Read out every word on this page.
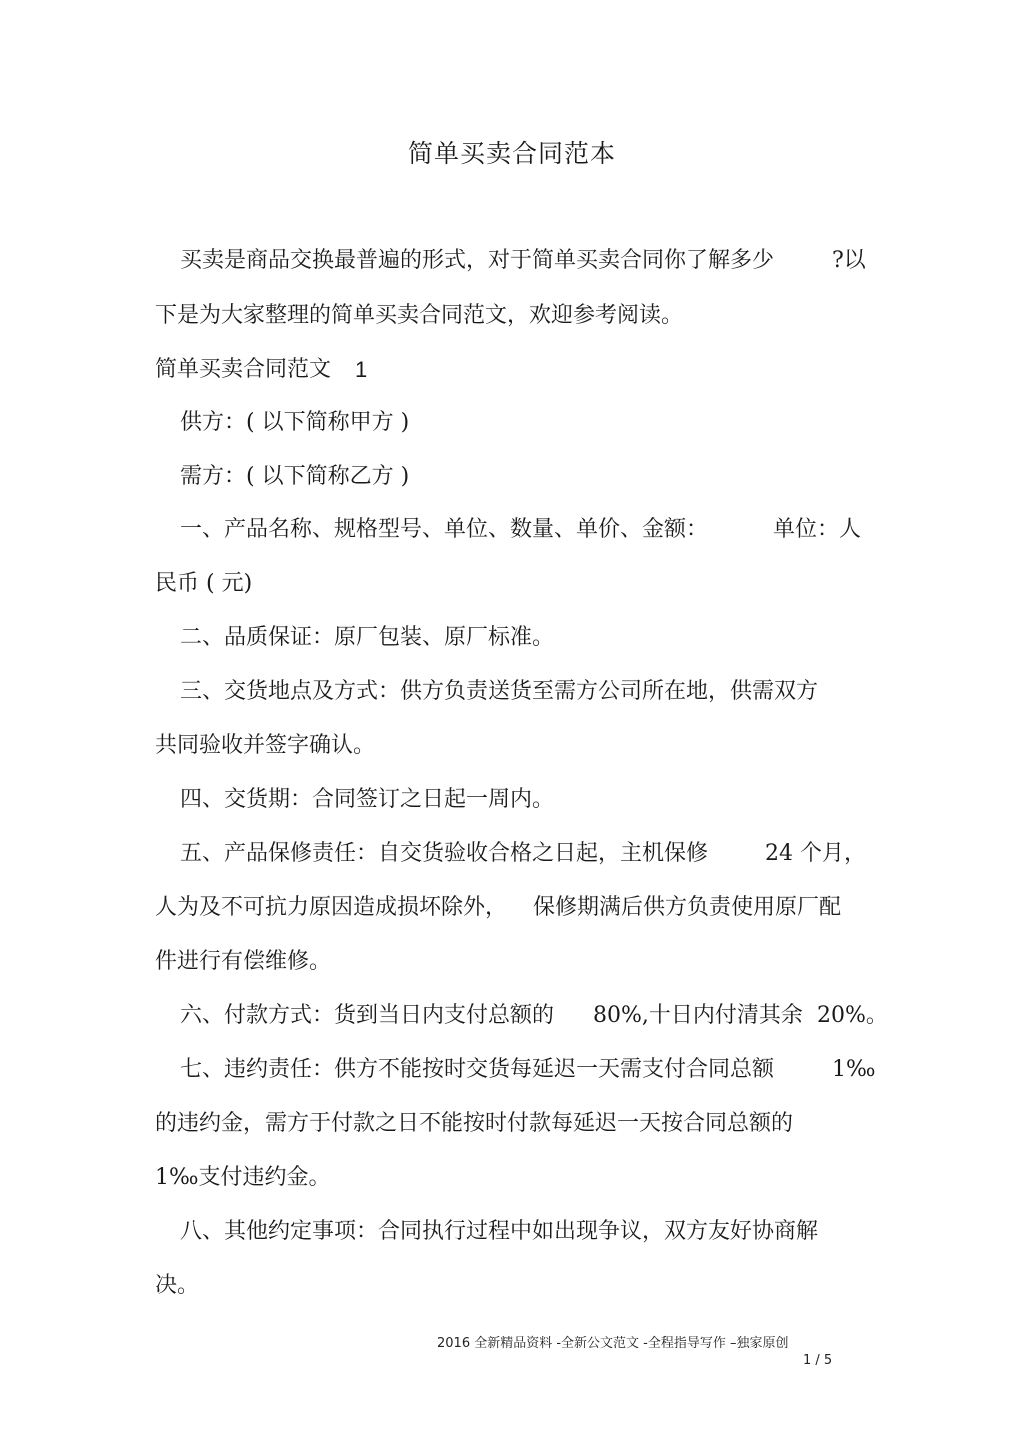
简单买卖合同范本
买卖是商品交换最普遍的形式，对于简单买卖合同你了解多少	?以
下是为大家整理的简单买卖合同范文，欢迎参考阅读。
简单买卖合同范文 1
供方：( 以下简称甲方 )
需方：( 以下简称乙方 )
一、产品名称、规格型号、单位、数量、单价、金额：	单位：人
民币 ( 元)
二、品质保证：原厂包装、原厂标准。
三、交货地点及方式：供方负责送货至需方公司所在地，供需双方
共同验收并签字确认。
四、交货期：合同签订之日起一周内。
五、产品保修责任：自交货验收合格之日起，主机保修	24 个月，
人为及不可抗力原因造成损坏除外， 保修期满后供方负责使用原厂配
件进行有偿维修。
六、付款方式：货到当日内支付总额的 80%,十日内付清其余 20%。
七、违约责任：供方不能按时交货每延迟一天需支付合同总额	1‰
的违约金，需方于付款之日不能按时付款每延迟一天按合同总额的
1‰支付违约金。
八、其他约定事项：合同执行过程中如出现争议，双方友好协商解
决。
2016 全新精品资料 -全新公文范文 -全程指导写作 –独家原创
1 / 5
